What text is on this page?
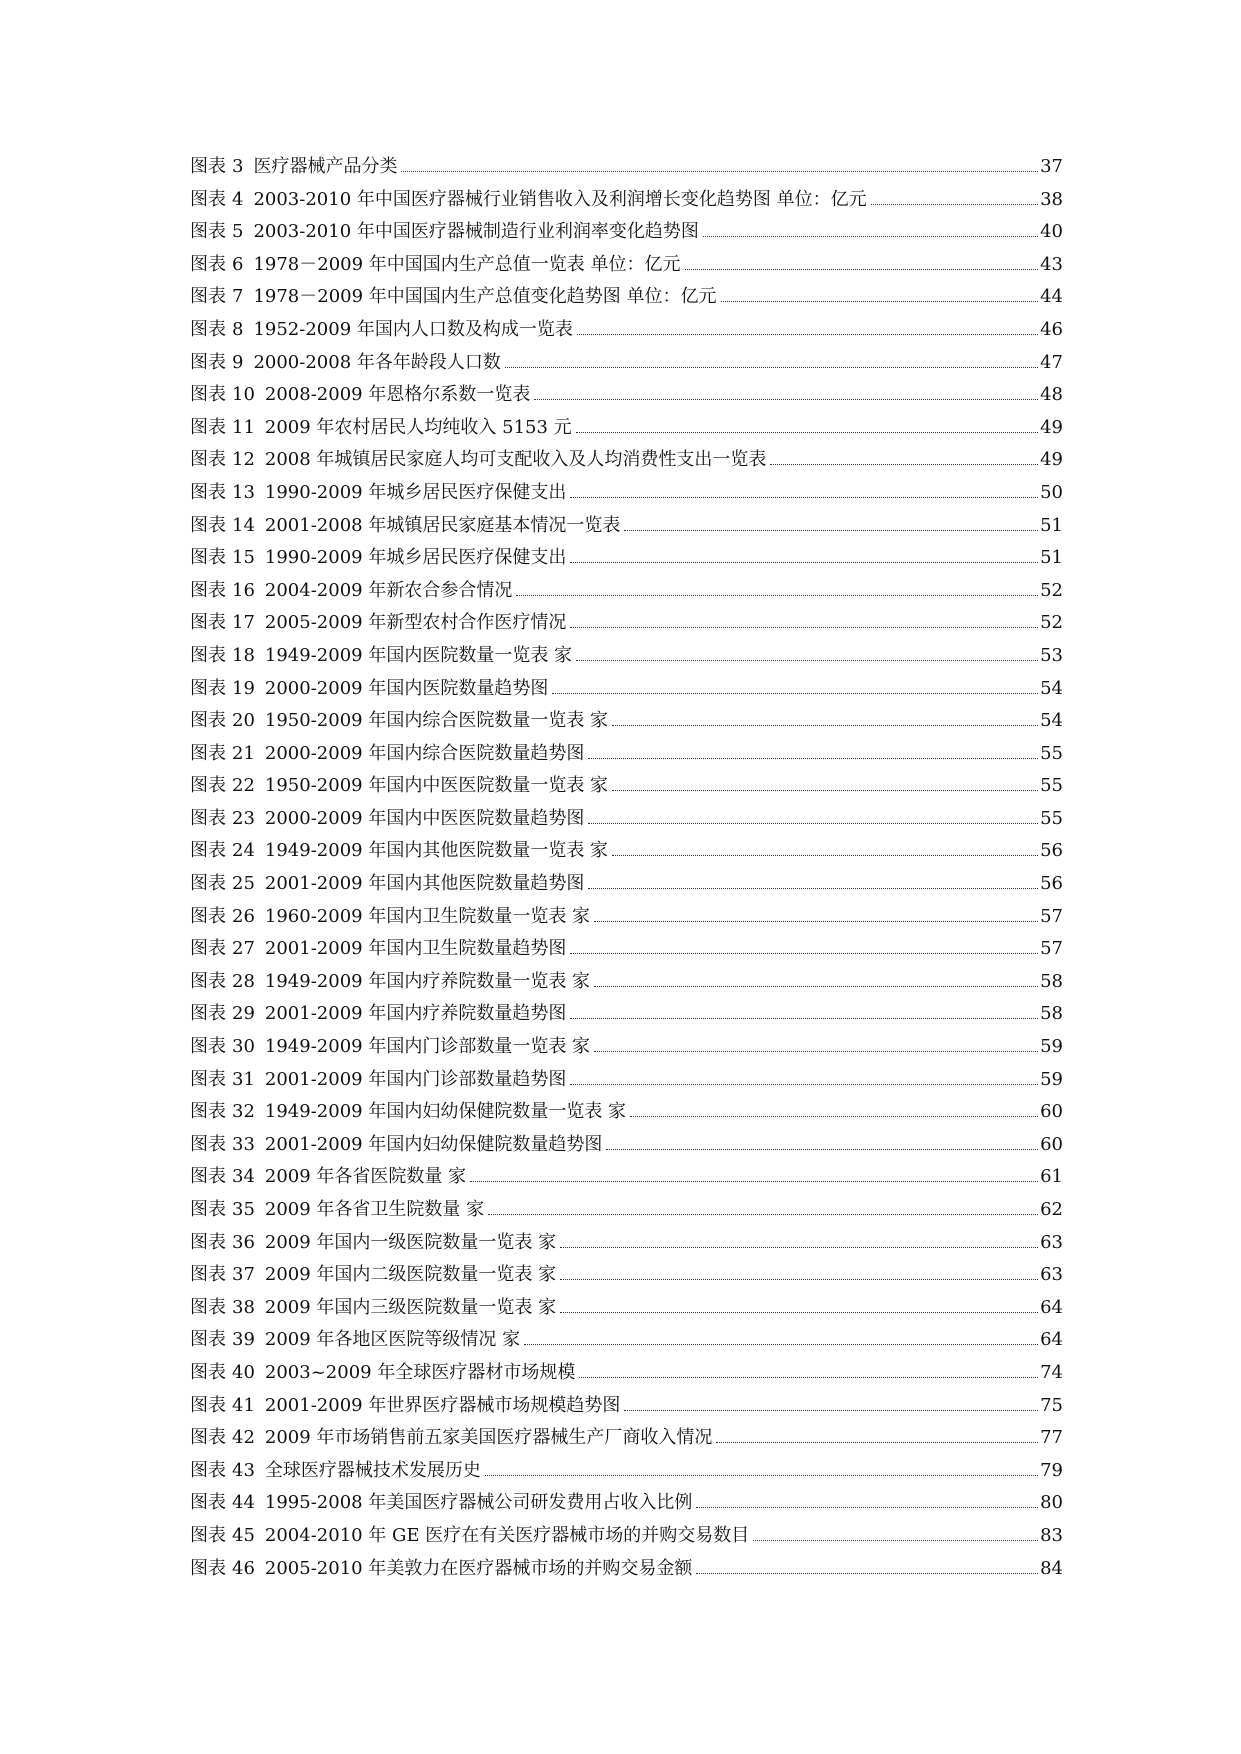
图表 3 医疗器械产品分类	37
图表 4 2003-2010 年中国医疗器械行业销售收入及利润增长变化趋势图 单位：亿元	38
图表 5 2003-2010 年中国医疗器械制造行业利润率变化趋势图	40
图表 6 1978－2009 年中国国内生产总值一览表 单位：亿元	43
图表 7 1978－2009 年中国国内生产总值变化趋势图 单位：亿元	44
图表 8 1952-2009 年国内人口数及构成一览表	46
图表 9 2000-2008 年各年龄段人口数	47
图表 10 2008-2009 年恩格尔系数一览表	48
图表 11 2009 年农村居民人均纯收入 5153 元	49
图表 12 2008 年城镇居民家庭人均可支配收入及人均消费性支出一览表	49
图表 13 1990-2009 年城乡居民医疗保健支出	50
图表 14 2001-2008 年城镇居民家庭基本情况一览表	51
图表 15 1990-2009 年城乡居民医疗保健支出	51
图表 16 2004-2009 年新农合参合情况	52
图表 17 2005-2009 年新型农村合作医疗情况	52
图表 18 1949-2009 年国内医院数量一览表 家	53
图表 19 2000-2009 年国内医院数量趋势图	54
图表 20 1950-2009 年国内综合医院数量一览表 家	54
图表 21 2000-2009 年国内综合医院数量趋势图	55
图表 22 1950-2009 年国内中医医院数量一览表 家	55
图表 23 2000-2009 年国内中医医院数量趋势图	55
图表 24 1949-2009 年国内其他医院数量一览表 家	56
图表 25 2001-2009 年国内其他医院数量趋势图	56
图表 26 1960-2009 年国内卫生院数量一览表 家	57
图表 27 2001-2009 年国内卫生院数量趋势图	57
图表 28 1949-2009 年国内疗养院数量一览表 家	58
图表 29 2001-2009 年国内疗养院数量趋势图	58
图表 30 1949-2009 年国内门诊部数量一览表 家	59
图表 31 2001-2009 年国内门诊部数量趋势图	59
图表 32 1949-2009 年国内妇幼保健院数量一览表 家	60
图表 33 2001-2009 年国内妇幼保健院数量趋势图	60
图表 34 2009 年各省医院数量 家	61
图表 35 2009 年各省卫生院数量 家	62
图表 36 2009 年国内一级医院数量一览表 家	63
图表 37 2009 年国内二级医院数量一览表 家	63
图表 38 2009 年国内三级医院数量一览表 家	64
图表 39 2009 年各地区医院等级情况 家	64
图表 40 2003~2009 年全球医疗器材市场规模	74
图表 41 2001-2009 年世界医疗器械市场规模趋势图	75
图表 42 2009 年市场销售前五家美国医疗器械生产厂商收入情况	77
图表 43 全球医疗器械技术发展历史	79
图表 44 1995-2008 年美国医疗器械公司研发费用占收入比例	80
图表 45 2004-2010 年 GE 医疗在有关医疗器械市场的并购交易数目	83
图表 46 2005-2010 年美敦力在医疗器械市场的并购交易金额	84
